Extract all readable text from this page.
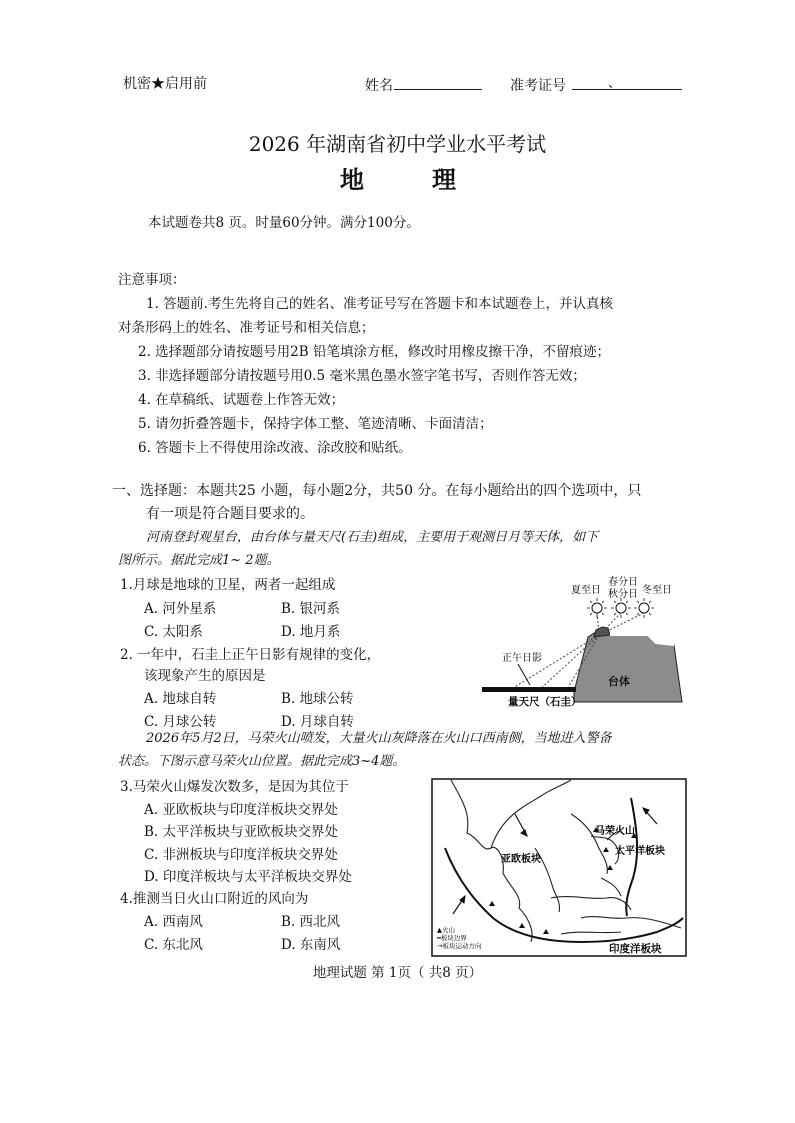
机密★启用前	姓名	准考证号	、
2026 年湖南省初中学业水平考试
地	理
本试题卷共8 页。时量60分钟。满分100分。
注意事项：
1. 答题前.考生先将自己的姓名、准考证号写在答题卡和本试题卷上，并认真核
对条形码上的姓名、准考证号和相关信息；
2. 选择题部分请按题号用2B 铅笔填涂方框，修改时用橡皮擦干净，不留痕迹；
3. 非选择题部分请按题号用0.5 毫米黑色墨水签字笔书写，否则作答无效；
4. 在草稿纸、试题卷上作答无效；
5. 请勿折叠答题卡，保持字体工整、笔迹清晰、卡面清洁；
6. 答题卡上不得使用涂改液、涂改胶和贴纸。
一、选择题：本题共25 小题，每小题2分，共50 分。在每小题给出的四个选项中，只
有一项是符合题目要求的。
河南登封观星台，由台体与量天尺(石圭)组成，主要用于观测日月等天体，如下
图所示。据此完成1~ 2题。
1.月球是地球的卫星，两者一起组成
A. 河外星系	B. 银河系
C. 太阳系	D. 地月系
2. 一年中，石圭上正午日影有规律的变化，
该现象产生的原因是
A. 地球自转	B. 地球公转
C. 月球公转	D. 月球自转
夏至日
春分日
秋分日 冬至日
台体
正午日影
量天尺（石圭）
2026年5月2日，马荣火山喷发，大量火山灰降落在火山口西南侧，当地进入警备
状态。下图示意马荣火山位置。据此完成3~4题。
3.马荣火山爆发次数多，是因为其位于
A. 亚欧板块与印度洋板块交界处
B. 太平洋板块与亚欧板块交界处
C. 非洲板块与印度洋板块交界处
D. 印度洋板块与太平洋板块交界处
4.推测当日火山口附近的风向为
A. 西南风	B. 西北风
C. 东北风	D. 东南风
马荣火山
太平洋板块
亚欧板块
印度洋板块
▲火山
━板块边界
→板块运动方向
地理试题 第 1页（ 共8 页）
